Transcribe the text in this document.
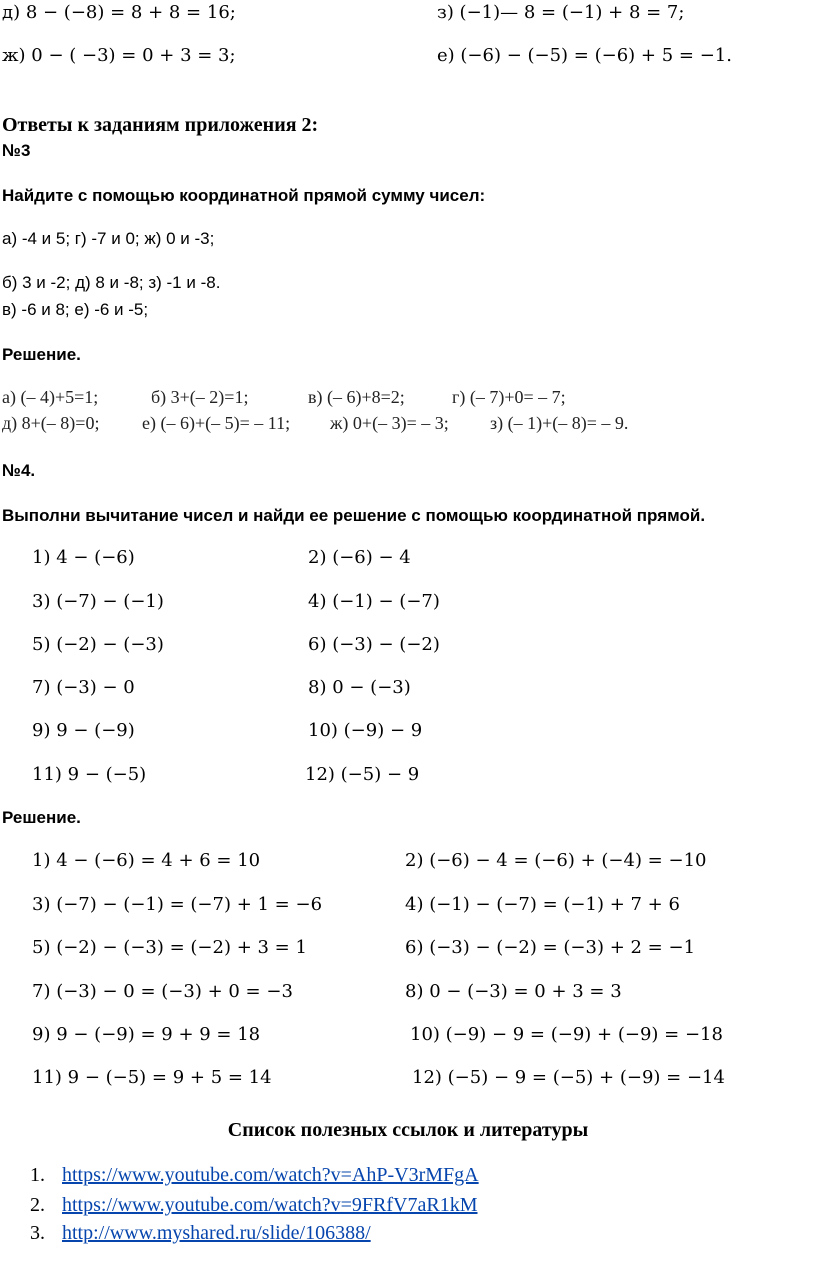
д) 8 − (−8) = 8 + 8 = 16;	з) (−1)— 8 = (−1) + 8 = 7;
ж) 0 − ( −3) = 0 + 3 = 3;	е) (−6) − (−5) = (−6) + 5 = −1.
Ответы к заданиям приложения 2:
№3
Найдите с помощью координатной прямой сумму чисел:
а) -4 и 5; г) -7 и 0; ж) 0 и -3;
б) 3 и -2; д) 8 и -8; з) -1 и -8.
в) -6 и 8; е) -6 и -5;
Решение.
а) (– 4)+5=1;	б) 3+(– 2)=1;	в) (– 6)+8=2;	г) (– 7)+0= – 7;
д) 8+(– 8)=0; е) (– 6)+(– 5)= – 11; ж) 0+(– 3)= – 3; з) (– 1)+(– 8)= – 9.
№4.
Выполни вычитание чисел и найди ее решение с помощью координатной прямой.
1) 4 − (−6)	2) (−6) − 4
3) (−7) − (−1)	4) (−1) − (−7)
5) (−2) − (−3)	6) (−3) − (−2)
7) (−3) − 0	8) 0 − (−3)
9) 9 − (−9)	10) (−9) − 9
11) 9 − (−5)	12) (−5) − 9
Решение.
1) 4 − (−6) = 4 + 6 = 10	2) (−6) − 4 = (−6) + (−4) = −10
3) (−7) − (−1) = (−7) + 1 = −6	4) (−1) − (−7) = (−1) + 7 + 6
5) (−2) − (−3) = (−2) + 3 = 1	6) (−3) − (−2) = (−3) + 2 = −1
7) (−3) − 0 = (−3) + 0 = −3	8) 0 − (−3) = 0 + 3 = 3
9) 9 − (−9) = 9 + 9 = 18	10) (−9) − 9 = (−9) + (−9) = −18
11) 9 − (−5) = 9 + 5 = 14	12) (−5) − 9 = (−5) + (−9) = −14
Список полезных ссылок и литературы
1. https://www.youtube.com/watch?v=AhP-V3rMFgA
2. https://www.youtube.com/watch?v=9FRfV7aR1kM
3. http://www.myshared.ru/slide/106388/
